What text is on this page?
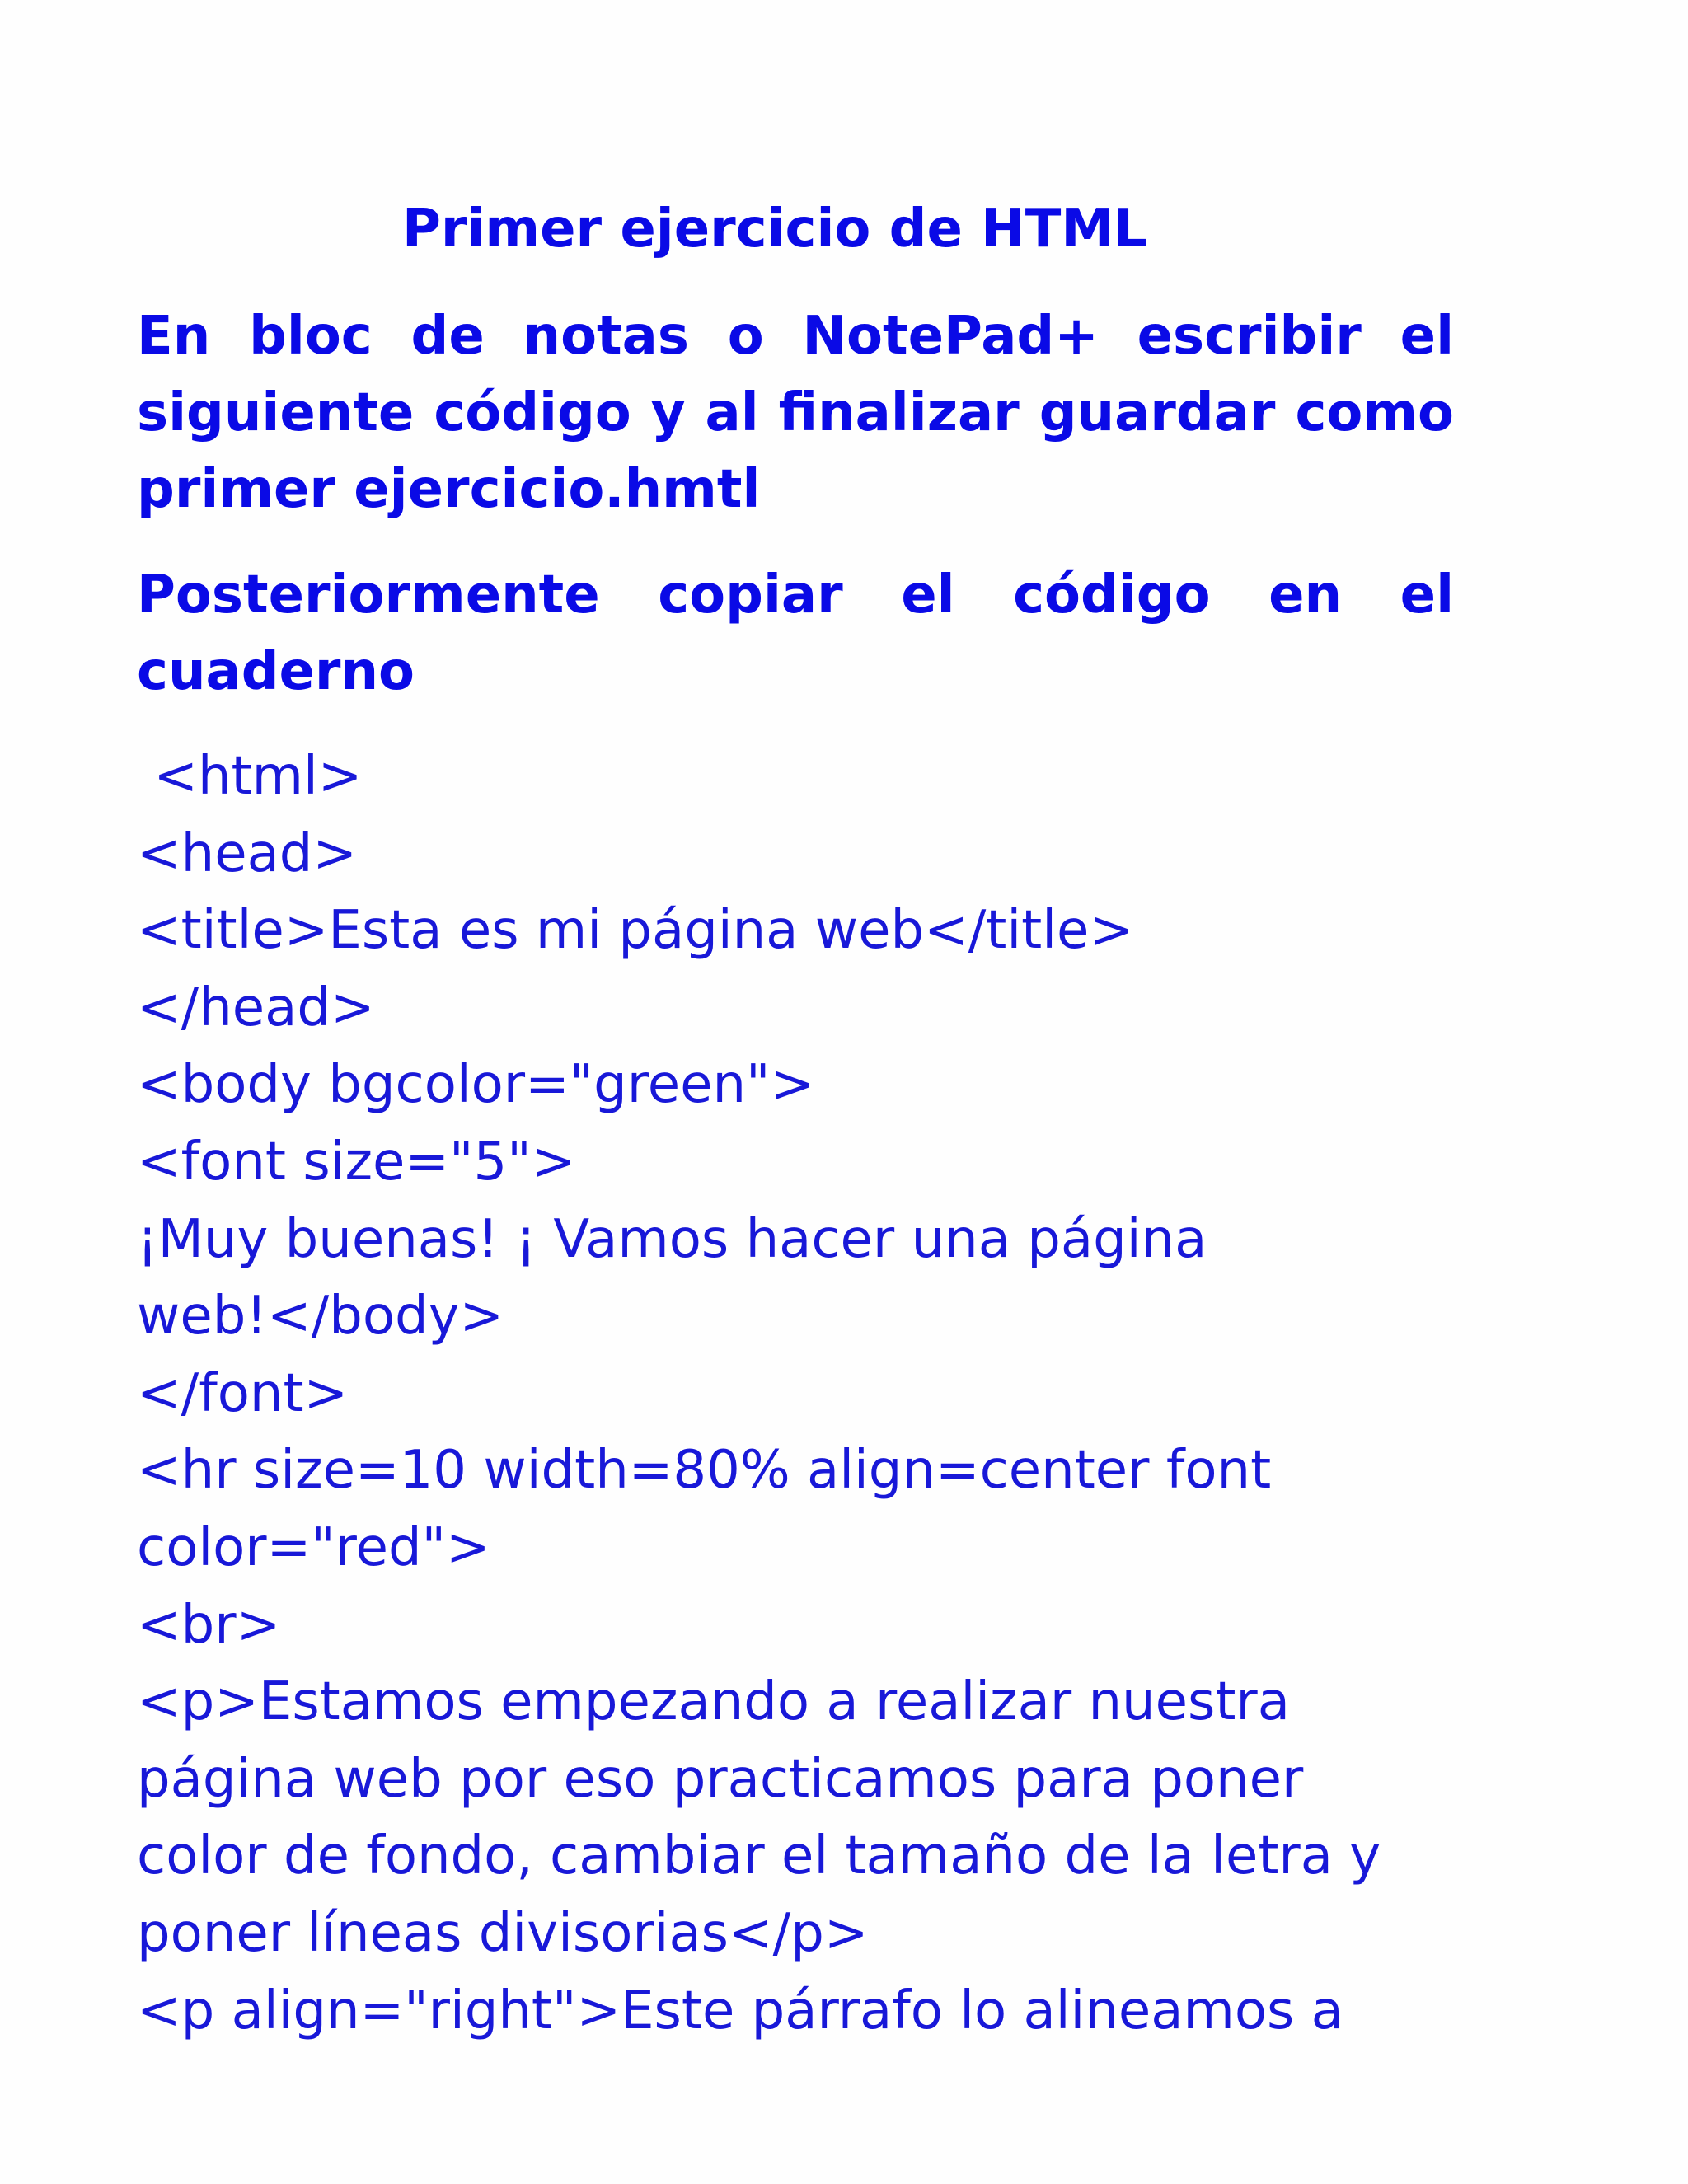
Primer ejercicio de HTML
En bloc de notas o NotePad+ escribir el siguiente código y al finalizar guardar como primer ejercicio.hmtl
Posteriormente copiar el código en el cuaderno
<html>
<head>
<title>Esta es mi página web</title>
</head>
<body bgcolor="green">
<font size="5">
¡Muy buenas! ¡ Vamos hacer una página
web!</body>
</font>
<hr size=10 width=80% align=center font
color="red">
<br>
<p>Estamos empezando a realizar nuestra
página web por eso practicamos para poner
color de fondo, cambiar el tamaño de la letra y
poner líneas divisorias</p>
<p align="right">Este párrafo lo alineamos a
